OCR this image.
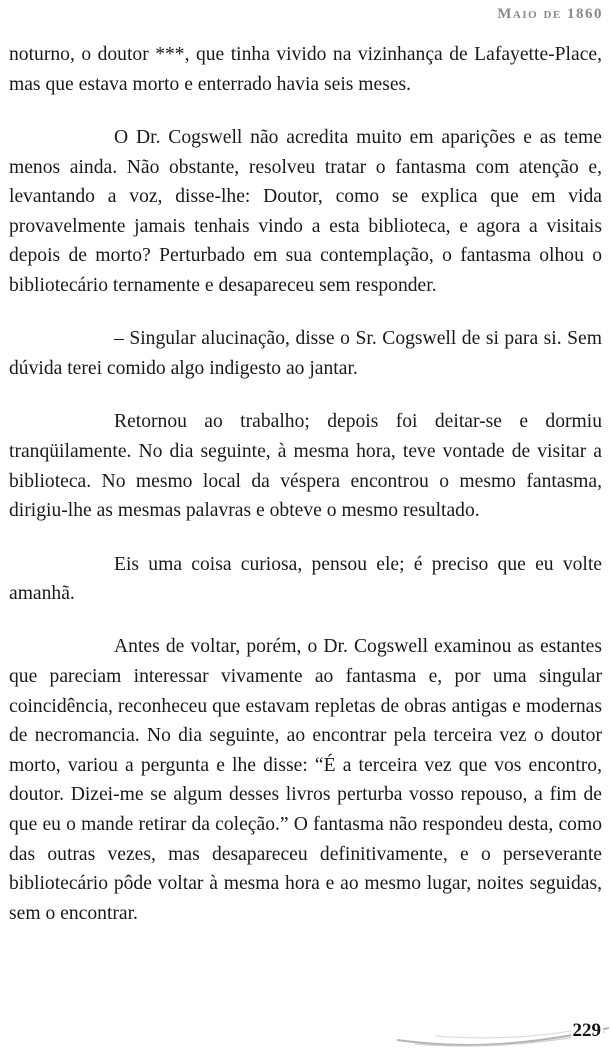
Maio de 1860

noturno, o doutor ***, que tinha vivido na vizinhança de Lafayette-Place, mas que estava morto e enterrado havia seis meses.

O Dr. Cogswell não acredita muito em aparições e as teme menos ainda. Não obstante, resolveu tratar o fantasma com atenção e, levantando a voz, disse-lhe: Doutor, como se explica que em vida provavelmente jamais tenhais vindo a esta biblioteca, e agora a visitais depois de morto? Perturbado em sua contemplação, o fantasma olhou o bibliotecário ternamente e desapareceu sem responder.

– Singular alucinação, disse o Sr. Cogswell de si para si. Sem dúvida terei comido algo indigesto ao jantar.

Retornou ao trabalho; depois foi deitar-se e dormiu tranqüilamente. No dia seguinte, à mesma hora, teve vontade de visitar a biblioteca. No mesmo local da véspera encontrou o mesmo fantasma, dirigiu-lhe as mesmas palavras e obteve o mesmo resultado.

Eis uma coisa curiosa, pensou ele; é preciso que eu volte amanhã.

Antes de voltar, porém, o Dr. Cogswell examinou as estantes que pareciam interessar vivamente ao fantasma e, por uma singular coincidência, reconheceu que estavam repletas de obras antigas e modernas de necromancia. No dia seguinte, ao encontrar pela terceira vez o doutor morto, variou a pergunta e lhe disse: “É a terceira vez que vos encontro, doutor. Dizei-me se algum desses livros perturba vosso repouso, a fim de que eu o mande retirar da coleção.” O fantasma não respondeu desta, como das outras vezes, mas desapareceu definitivamente, e o perseverante bibliotecário pôde voltar à mesma hora e ao mesmo lugar, noites seguidas, sem o encontrar.

229
